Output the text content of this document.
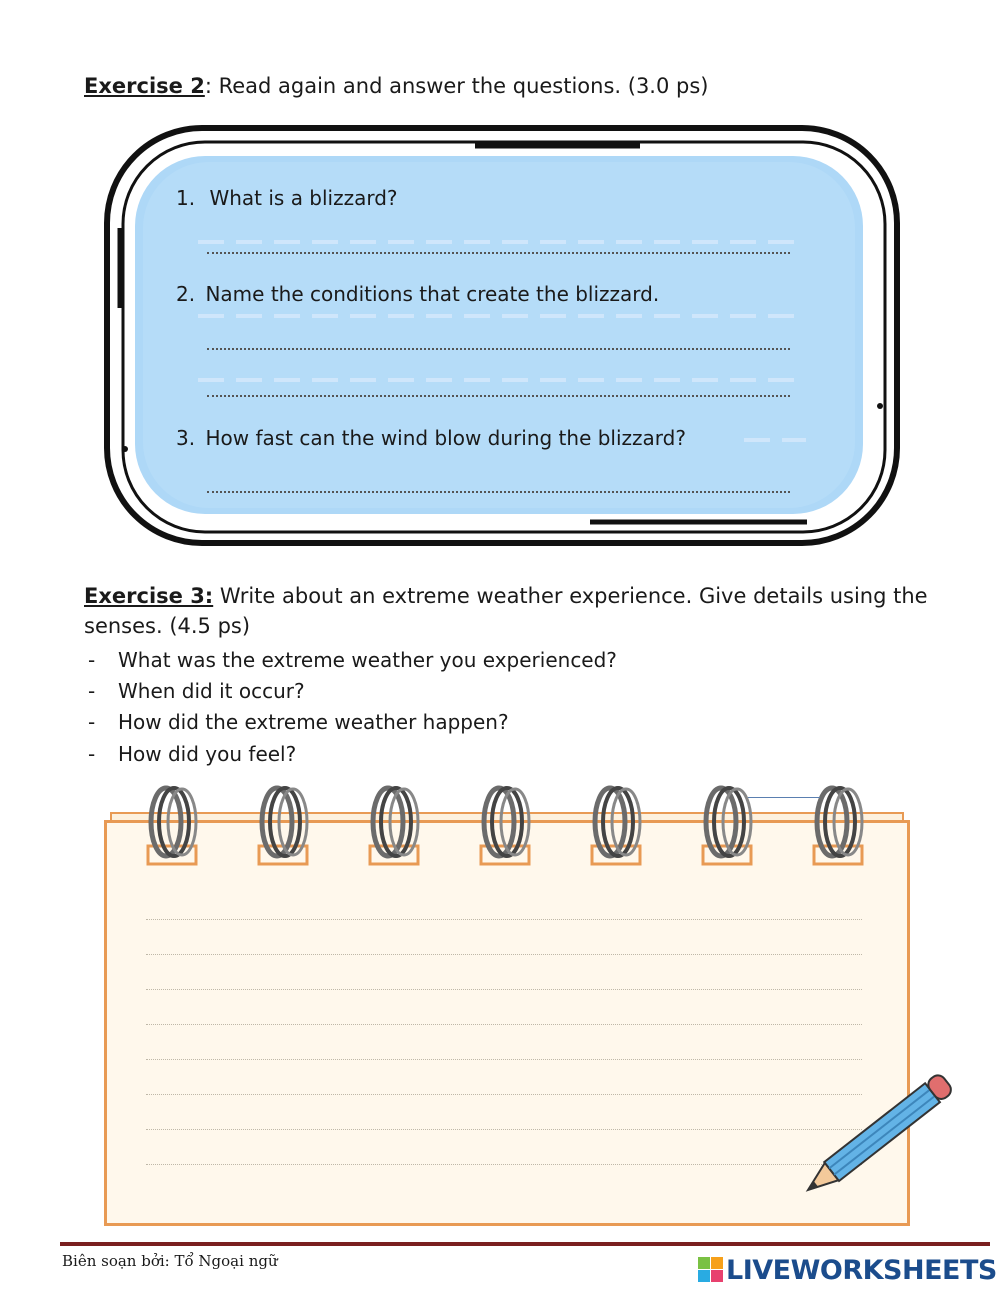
Exercise 2: Read again and answer the questions. (3.0 ps)
1. What is a blizzard?
2. Name the conditions that create the blizzard.
3. How fast can the wind blow during the blizzard?
Exercise 3: Write about an extreme weather experience. Give details using the senses. (4.5 ps)
- What was the extreme weather you experienced?
- When did it occur?
- How did the extreme weather happen?
- How did you feel?
Biên soạn bởi: Tổ Ngoại ngữ	LIVEWORKSHEETS
